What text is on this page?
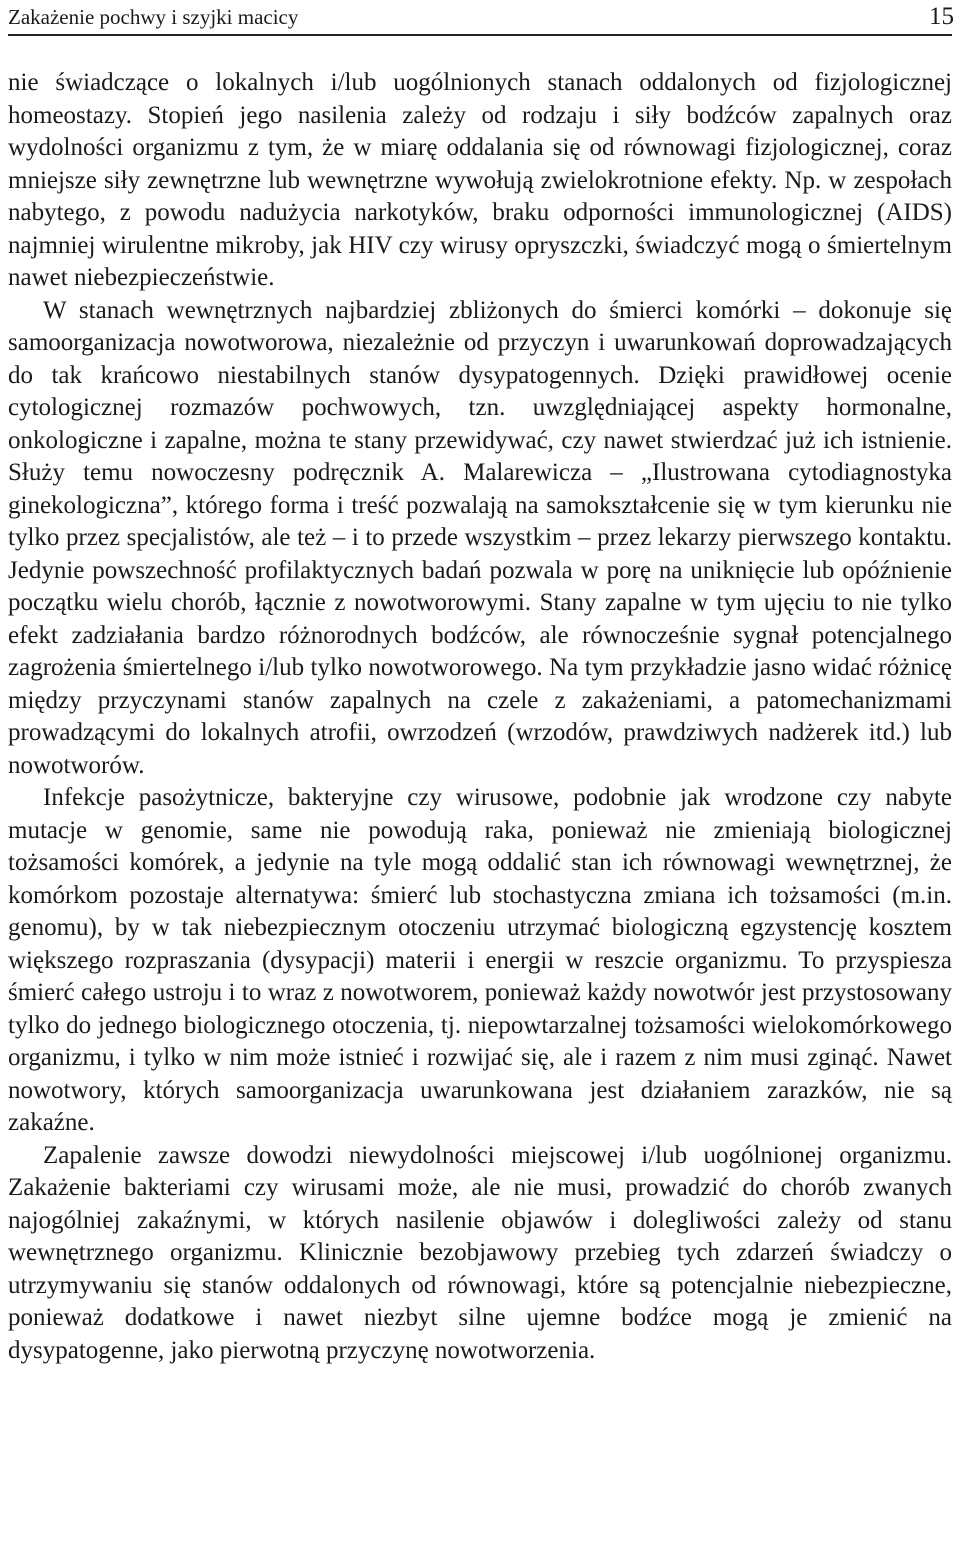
Zakażenie pochwy i szyjki macicy	15

nie świadczące o lokalnych i/lub uogólnionych stanach oddalonych od fizjologicznej homeostazy. Stopień jego nasilenia zależy od rodzaju i siły bodźców zapalnych oraz wydolności organizmu z tym, że w miarę oddalania się od równowagi fizjologicznej, coraz mniejsze siły zewnętrzne lub wewnętrzne wywołują zwielokrotnione efekty. Np. w zespołach nabytego, z powodu nadużycia narkotyków, braku odporności immunologicznej (AIDS) najmniej wirulentne mikroby, jak HIV czy wirusy opryszczki, świadczyć mogą o śmiertelnym nawet niebezpieczeństwie.

W stanach wewnętrznych najbardziej zbliżonych do śmierci komórki – dokonuje się samoorganizacja nowotworowa, niezależnie od przyczyn i uwarunkowań doprowadzających do tak krańcowo niestabilnych stanów dysypatogennych. Dzięki prawidłowej ocenie cytologicznej rozmazów pochwowych, tzn. uwzględniającej aspekty hormonalne, onkologiczne i zapalne, można te stany przewidywać, czy nawet stwierdzać już ich istnienie. Służy temu nowoczesny podręcznik A. Malarewicza – „Ilustrowana cytodiagnostyka ginekologiczna”, którego forma i treść pozwalają na samokształcenie się w tym kierunku nie tylko przez specjalistów, ale też – i to przede wszystkim – przez lekarzy pierwszego kontaktu. Jedynie powszechność profilaktycznych badań pozwala w porę na uniknięcie lub opóźnienie początku wielu chorób, łącznie z nowotworowymi. Stany zapalne w tym ujęciu to nie tylko efekt zadziałania bardzo różnorodnych bodźców, ale równocześnie sygnał potencjalnego zagrożenia śmiertelnego i/lub tylko nowotworowego. Na tym przykładzie jasno widać różnicę między przyczynami stanów zapalnych na czele z zakażeniami, a patomechanizmami prowadzącymi do lokalnych atrofii, owrzodzeń (wrzodów, prawdziwych nadżerek itd.) lub nowotworów.

Infekcje pasożytnicze, bakteryjne czy wirusowe, podobnie jak wrodzone czy nabyte mutacje w genomie, same nie powodują raka, ponieważ nie zmieniają biologicznej tożsamości komórek, a jedynie na tyle mogą oddalić stan ich równowagi wewnętrznej, że komórkom pozostaje alternatywa: śmierć lub stochastyczna zmiana ich tożsamości (m.in. genomu), by w tak niebezpiecznym otoczeniu utrzymać biologiczną egzystencję kosztem większego rozpraszania (dysypacji) materii i energii w reszcie organizmu. To przyspiesza śmierć całego ustroju i to wraz z nowotworem, ponieważ każdy nowotwór jest przystosowany tylko do jednego biologicznego otoczenia, tj. niepowtarzalnej tożsamości wielokomórkowego organizmu, i tylko w nim może istnieć i rozwijać się, ale i razem z nim musi zginąć. Nawet nowotwory, których samoorganizacja uwarunkowana jest działaniem zarazków, nie są zakaźne.

Zapalenie zawsze dowodzi niewydolności miejscowej i/lub uogólnionej organizmu. Zakażenie bakteriami czy wirusami może, ale nie musi, prowadzić do chorób zwanych najogólniej zakaźnymi, w których nasilenie objawów i dolegliwości zależy od stanu wewnętrznego organizmu. Klinicznie bezobjawowy przebieg tych zdarzeń świadczy o utrzymywaniu się stanów oddalonych od równowagi, które są potencjalnie niebezpieczne, ponieważ dodatkowe i nawet niezbyt silne ujemne bodźce mogą je zmienić na dysypatogenne, jako pierwotną przyczynę nowotworzenia.
